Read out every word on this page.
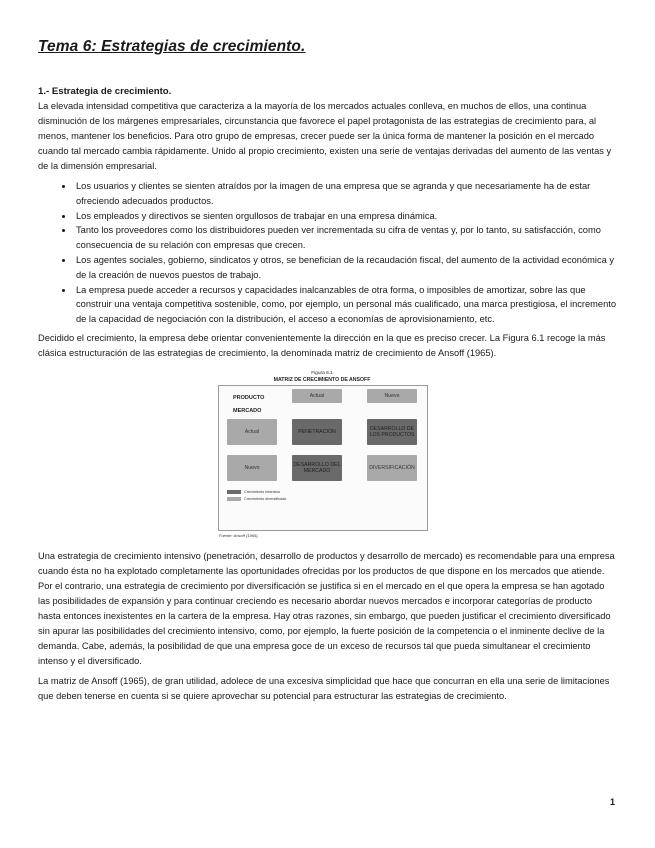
Tema 6: Estrategias de crecimiento.
1.- Estrategia de crecimiento.

La elevada intensidad competitiva que caracteriza a la mayoría de los mercados actuales conlleva, en muchos de ellos, una continua disminución de los márgenes empresariales, circunstancia que favorece el papel protagonista de las estrategias de crecimiento para, al menos, mantener los beneficios. Para otro grupo de empresas, crecer puede ser la única forma de mantener la posición en el mercado cuando tal mercado cambia rápidamente. Unido al propio crecimiento, existen una serie de ventajas derivadas del aumento de las ventas y de la dimensión empresarial.

• Los usuarios y clientes se sienten atraídos por la imagen de una empresa que se agranda y que necesariamente ha de estar ofreciendo adecuados productos.
• Los empleados y directivos se sienten orgullosos de trabajar en una empresa dinámica.
• Tanto los proveedores como los distribuidores pueden ver incrementada su cifra de ventas y, por lo tanto, su satisfacción, como consecuencia de su relación con empresas que crecen.
• Los agentes sociales, gobierno, sindicatos y otros, se benefician de la recaudación fiscal, del aumento de la actividad económica y de la creación de nuevos puestos de trabajo.
• La empresa puede acceder a recursos y capacidades inalcanzables de otra forma, o imposibles de amortizar, sobre las que construir una ventaja competitiva sostenible, como, por ejemplo, un personal más cualificado, una marca prestigiosa, el incremento de la capacidad de negociación con la distribución, el acceso a economías de aprovisionamiento, etc.

Decidido el crecimiento, la empresa debe orientar convenientemente la dirección en la que es preciso crecer. La Figura 6.1 recoge la más clásica estructuración de las estrategias de crecimiento, la denominada matriz de crecimiento de Ansoff (1965).

Figura 6.1
MATRIZ DE CRECIMIENTO DE ANSOFF
PRODUCTO
MERCADO
Actual	Nuevo
Actual
Nuevo
PENETRACIÓN	DESARROLLO DE LOS PRODUCTOS
DESARROLLO DEL MERCADO	DIVERSIFICACIÓN
Crecimiento intensivo
Crecimiento diversificado
Fuente: Ansoff (1965).

Una estrategia de crecimiento intensivo (penetración, desarrollo de productos y desarrollo de mercado) es recomendable para una empresa cuando ésta no ha explotado completamente las oportunidades ofrecidas por los productos de que dispone en los mercados que atiende. Por el contrario, una estrategia de crecimiento por diversificación se justifica si en el mercado en el que opera la empresa se han agotado las posibilidades de expansión y para continuar creciendo es necesario abordar nuevos mercados e incorporar categorías de producto hasta entonces inexistentes en la cartera de la empresa. Hay otras razones, sin embargo, que pueden justificar el crecimiento diversificado sin apurar las posibilidades del crecimiento intensivo, como, por ejemplo, la fuerte posición de la competencia o el inminente declive de la demanda. Cabe, además, la posibilidad de que una empresa goce de un exceso de recursos tal que pueda simultanear el crecimiento intenso y el diversificado.

La matriz de Ansoff (1965), de gran utilidad, adolece de una excesiva simplicidad que hace que concurran en ella una serie de limitaciones que deben tenerse en cuenta si se quiere aprovechar su potencial para estructurar las estrategias de crecimiento.

1
